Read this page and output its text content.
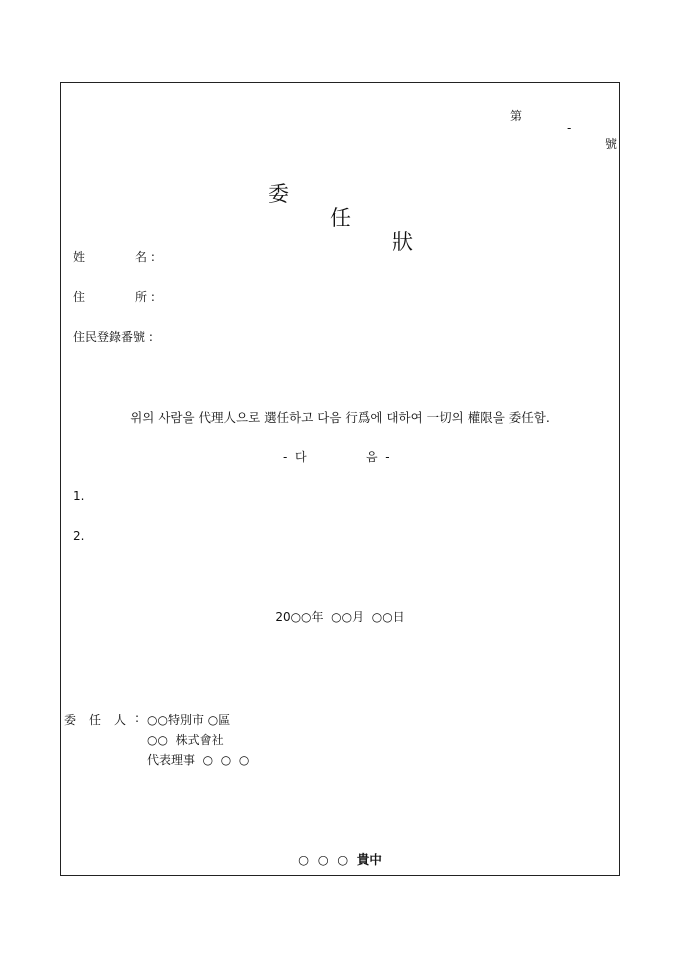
第

-

號

委

任

狀

姓	名 :
住	所 :
住民登錄番號 :
위의 사람을 代理人으로 選任하고 다음 行爲에 대하여 一切의 權限을 委任함.
-  다	음  -
1.
2.
20○○年  ○○月  ○○日
委 任 人 : ○○特別市 ○區
○○  株式會社
代表理事  ○  ○  ○
○  ○  ○  貴中
